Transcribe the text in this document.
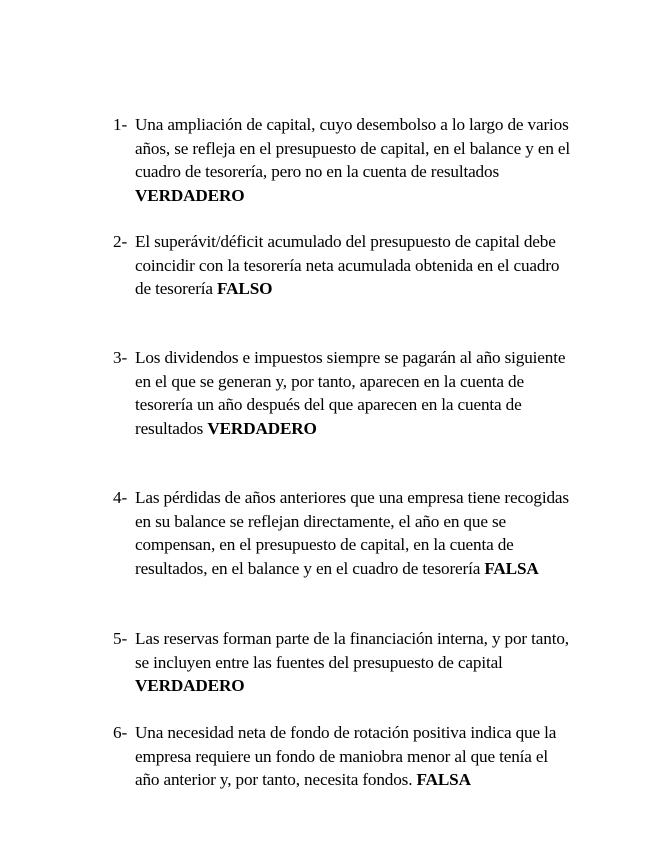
1- Una ampliación de capital, cuyo desembolso a lo largo de varios años, se refleja en el presupuesto de capital, en el balance y en el cuadro de tesorería, pero no en la cuenta de resultados VERDADERO
2- El superávit/déficit acumulado del presupuesto de capital debe coincidir con la tesorería neta acumulada obtenida en el cuadro de tesorería FALSO
3- Los dividendos e impuestos siempre se pagarán al año siguiente en el que se generan y, por tanto, aparecen en la cuenta de tesorería un año después del que aparecen en la cuenta de resultados VERDADERO
4- Las pérdidas de años anteriores que una empresa tiene recogidas en su balance se reflejan directamente, el año en que se compensan, en el presupuesto de capital, en la cuenta de resultados, en el balance y en el cuadro de tesorería FALSA
5- Las reservas forman parte de la financiación interna, y por tanto, se incluyen entre las fuentes del presupuesto de capital VERDADERO
6- Una necesidad neta de fondo de rotación positiva indica que la empresa requiere un fondo de maniobra menor al que tenía el año anterior y, por tanto, necesita fondos. FALSA
